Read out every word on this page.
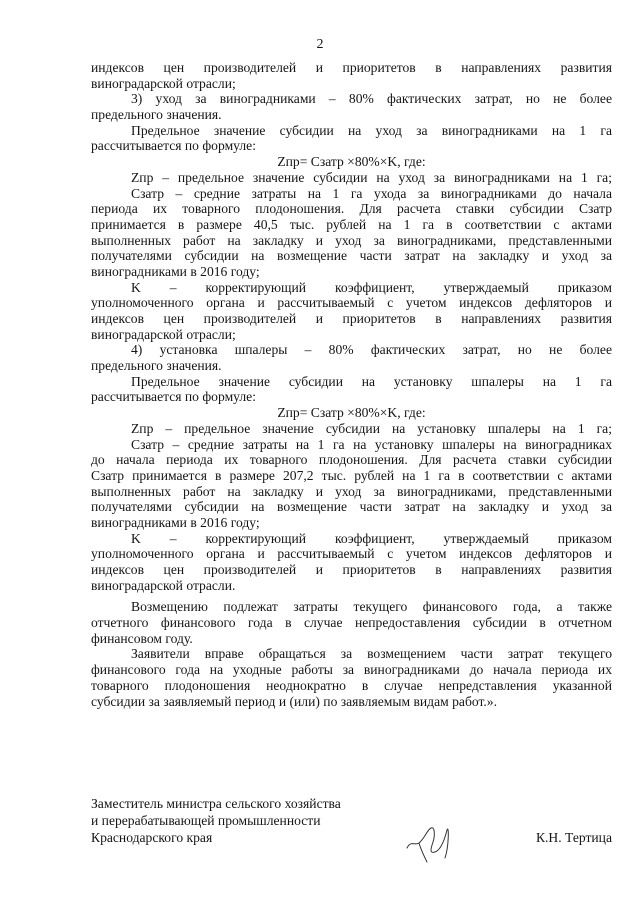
2
индексов цен производителей и приоритетов в направлениях развития
виноградарской отрасли;
3) уход за виноградниками – 80% фактических затрат, но не более
предельного значения.
Предельное значение субсидии на уход за виноградниками на 1 га
рассчитывается по формуле:
Zпр= Сзатр ×80%×K, где:
Zпр – предельное значение субсидии на уход за виноградниками на 1 га;
Сзатр – средние затраты на 1 га ухода за виноградниками до начала
периода их товарного плодоношения. Для расчета ставки субсидии Сзатр
принимается в размере 40,5 тыс. рублей на 1 га в соответствии с актами
выполненных работ на закладку и уход за виноградниками, представленными
получателями субсидии на возмещение части затрат на закладку и уход за
виноградниками в 2016 году;
K – корректирующий коэффициент, утверждаемый приказом
уполномоченного органа и рассчитываемый с учетом индексов дефляторов и
индексов цен производителей и приоритетов в направлениях развития
виноградарской отрасли;
4) установка шпалеры – 80% фактических затрат, но не более
предельного значения.
Предельное значение субсидии на установку шпалеры на 1 га
рассчитывается по формуле:
Zпр= Сзатр ×80%×K, где:
Zпр – предельное значение субсидии на установку шпалеры на 1 га;
Сзатр – средние затраты на 1 га на установку шпалеры на виноградниках
до начала периода их товарного плодоношения. Для расчета ставки субсидии
Сзатр принимается в размере 207,2 тыс. рублей на 1 га в соответствии с актами
выполненных работ на закладку и уход за виноградниками, представленными
получателями субсидии на возмещение части затрат на закладку и уход за
виноградниками в 2016 году;
K – корректирующий коэффициент, утверждаемый приказом
уполномоченного органа и рассчитываемый с учетом индексов дефляторов и
индексов цен производителей и приоритетов в направлениях развития
виноградарской отрасли.
Возмещению подлежат затраты текущего финансового года, а также
отчетного финансового года в случае непредоставления субсидии в отчетном
финансовом году.
Заявители вправе обращаться за возмещением части затрат текущего
финансового года на уходные работы за виноградниками до начала периода их
товарного плодоношения неоднократно в случае непредставления указанной
субсидии за заявляемый период и (или) по заявляемым видам работ.».
Заместитель министра сельского хозяйства
и перерабатывающей промышленности
Краснодарского края	К.Н. Тертица
